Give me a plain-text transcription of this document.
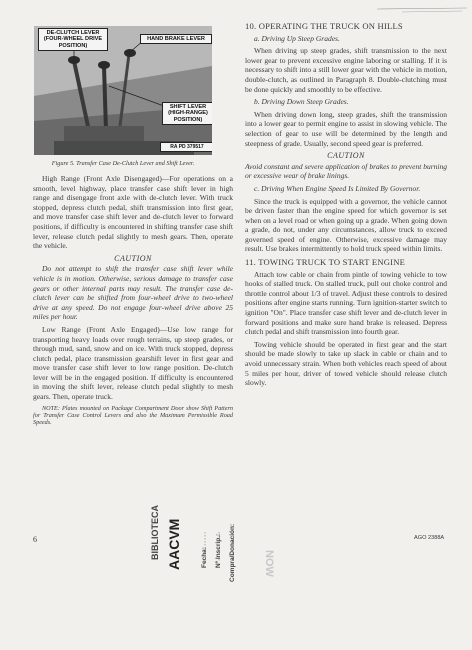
DE-CLUTCH LEVER (FOUR-WHEEL DRIVE POSITION)
HAND BRAKE LEVER
SHIFT LEVER (HIGH-RANGE) POSITION)
RA PD 379517
Figure 5. Transfer Case De-Clutch Lever and Shift Lever.

High Range (Front Axle Disengaged)—For operations on a smooth, level highway, place transfer case shift lever in high range and disengage front axle with de-clutch lever. With truck stopped, depress clutch pedal, shift transmission into first gear, and move transfer case shift lever and de-clutch lever to forward positions, if difficulty is encountered in shifting transfer case shift lever, release clutch pedal slightly to mesh gears. Then, operate the vehicle.

CAUTION

Do not attempt to shift the transfer case shift lever while vehicle is in motion. Otherwise, serious damage to transfer case gears or other internal parts may result. The transfer case de-clutch lever can be shifted from four-wheel drive to two-wheel drive at any speed. Do not engage four-wheel drive above 25 miles per hour.

Low Range (Front Axle Engaged)—Use low range for transporting heavy loads over rough terrains, up steep grades, or through mud, sand, snow and on ice. With truck stopped, depress clutch pedal, place transmission gearshift lever in first gear and move transfer case shift lever to low range position. De-clutch lever will be in the engaged position. If difficulty is encountered in moving the shift lever, release clutch pedal slightly to mesh gears. Then, operate truck.

NOTE: Plates mounted on Package Compartment Door show Shift Pattern for Transfer Case Control Levers and also the Maximum Permissible Road Speeds.

10. OPERATING THE TRUCK ON HILLS

a. Driving Up Steep Grades.

When driving up steep grades, shift transmission to the next lower gear to prevent excessive engine laboring or stalling. If it is necessary to shift into a still lower gear with the vehicle in motion, double-clutch, as outlined in Paragraph 8. Double-clutching must be done quickly and smoothly to be effective.

b. Driving Down Steep Grades.

When driving down long, steep grades, shift the transmission into a lower gear to permit engine to assist in slowing vehicle. The selection of gear to use will be determined by the length and steepness of grade. Usually, second speed gear is preferred.

CAUTION

Avoid constant and severe application of brakes to prevent burning or excessive wear of brake linings.

c. Driving When Engine Speed Is Limited By Governor.

Since the truck is equipped with a governor, the vehicle cannot be driven faster than the engine speed for which governor is set when on a level road or when going up a grade. When going down a grade, do not, under any circumstances, allow truck to exceed governed speed of engine. Otherwise, excessive damage may result. Use brakes intermittently to hold truck speed within limits.

11. TOWING TRUCK TO START ENGINE

Attach tow cable or chain from pintle of towing vehicle to tow hooks of stalled truck. On stalled truck, pull out choke control and throttle control about 1/3 of travel. Adjust these controls to desired positions after engine starts running. Turn ignition-starter switch to ignition "On". Place transfer case shift lever and de-clutch lever in forward positions and make sure hand brake is released. Depress clutch pedal and shift transmission into fourth gear.

Towing vehicle should be operated in first gear and the start should be made slowly to take up slack in cable or chain and to avoid unnecessary strain. When both vehicles reach speed of about 5 miles per hour, driver of towed vehicle should release clutch slowly.

6	AGO 2388A
BIBLIOTECA AACVM	Fecha: Nº Inscrip.: Compra/Donación: NOW
